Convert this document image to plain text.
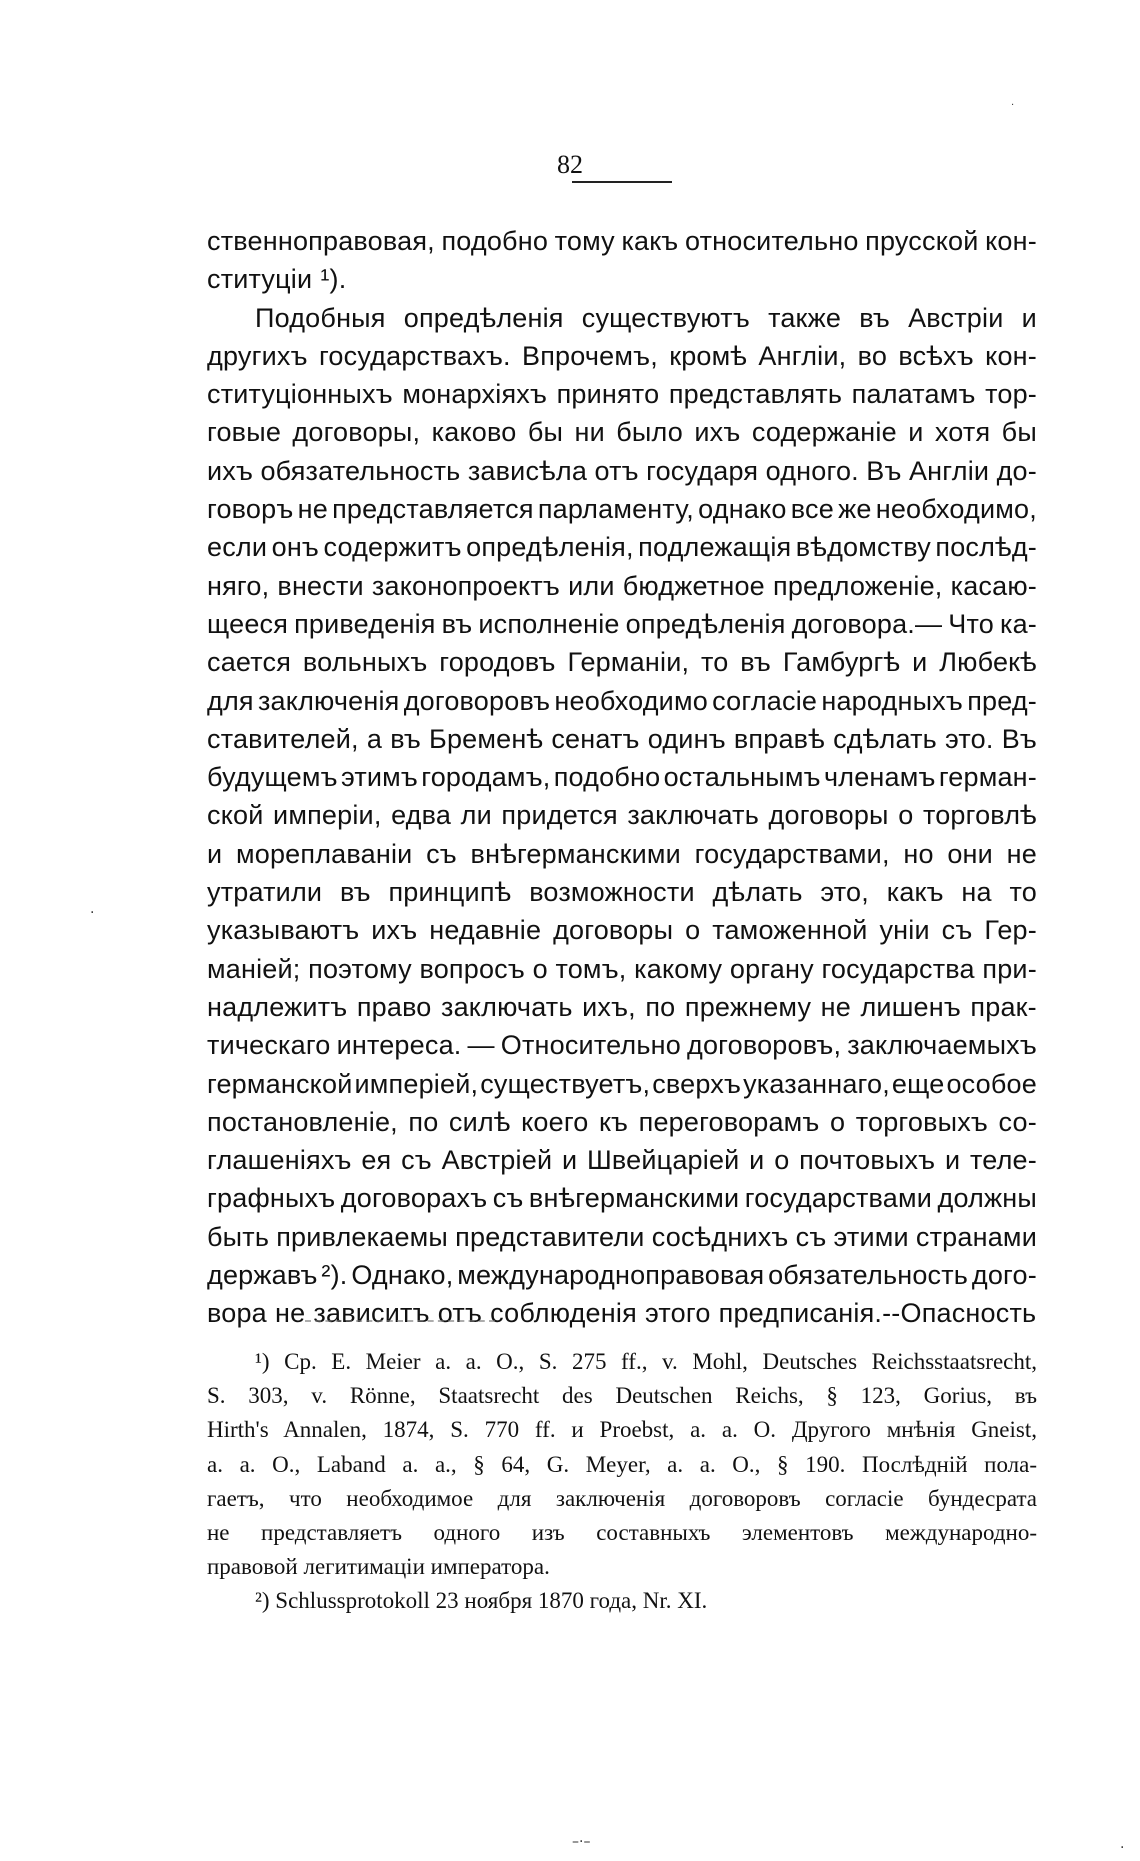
82
ственноправовая, подобно тому какъ относительно прусской кон-
ституціи ¹).
Подобныя опредѣленія существуютъ также въ Австріи и
другихъ государствахъ. Впрочемъ, кромѣ Англіи, во всѣхъ кон-
ституціонныхъ монархіяхъ принято представлять палатамъ тор-
говые договоры, каково бы ни было ихъ содержаніе и хотя бы
ихъ обязательность зависѣла отъ государя одного. Въ Англіи до-
говоръ не представляется парламенту, однако все же необходимо,
если онъ содержитъ опредѣленія, подлежащія вѣдомству послѣд-
няго, внести законопроектъ или бюджетное предложеніе, касаю-
щееся приведенія въ исполненіе опредѣленія договора.— Что ка-
сается вольныхъ городовъ Германіи, то въ Гамбургѣ и Любекѣ
для заключенія договоровъ необходимо согласіе народныхъ пред-
ставителей, а въ Бременѣ сенатъ одинъ вправѣ сдѣлать это. Въ
будущемъ этимъ городамъ, подобно остальнымъ членамъ герман-
ской имперіи, едва ли придется заключать договоры о торговлѣ
и мореплаваніи съ внѣгерманскими государствами, но они не
утратили въ принципѣ возможности дѣлать это, какъ на то
указываютъ ихъ недавніе договоры о таможенной уніи съ Гер-
маніей; поэтому вопросъ о томъ, какому органу государства при-
надлежитъ право заключать ихъ, по прежнему не лишенъ прак-
тическаго интереса. — Относительно договоровъ, заключаемыхъ
германской имперіей, существуетъ, сверхъ указаннаго, еще особое
постановленіе, по силѣ коего къ переговорамъ о торговыхъ со-
глашеніяхъ ея съ Австріей и Швейцаріей и о почтовыхъ и теле-
графныхъ договорахъ съ внѣгерманскими государствами должны
быть привлекаемы представители сосѣднихъ съ этими странами
державъ ²). Однако, международноправовая обязательность дого-
вора не зависитъ отъ соблюденія этого предписанія.--Опасность
¹) Cp. E. Meier a. a. O., S. 275 ff., v. Mohl, Deutsches Reichsstaatsrecht,
S. 303, v. Rönne, Staatsrecht des Deutschen Reichs, § 123, Gorius, въ
Hirth's Annalen, 1874, S. 770 ff. и Proebst, a. a. O. Другого мнѣнія Gneist,
a. a. O., Laband a. a., § 64, G. Meyer, a. a. O., § 190. Послѣдній пола-
гаетъ, что необходимое для заключенія договоровъ согласіе бундесрата
не представляетъ одного изъ составныхъ элементовъ международно-
правовой легитимаціи императора.
²) Schlussprotokoll 23 ноября 1870 года, Nr. XI.
·
·
–·–	·
